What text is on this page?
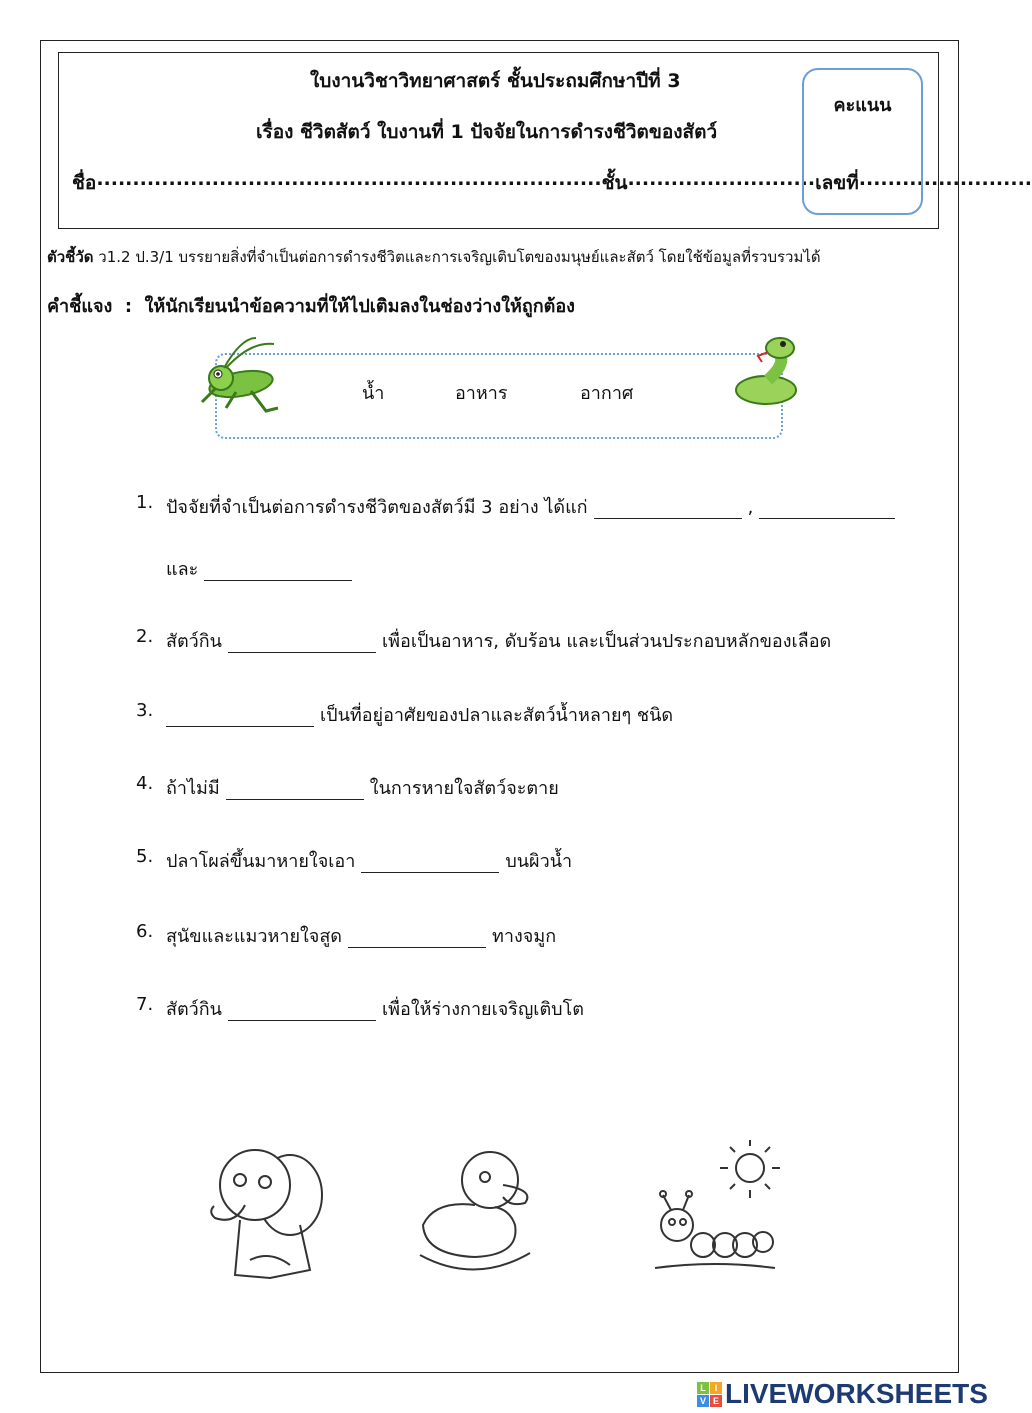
ใบงานวิชาวิทยาศาสตร์ ชั้นประถมศึกษาปีที่ 3
เรื่อง ชีวิตสัตว์ ใบงานที่ 1 ปัจจัยในการดำรงชีวิตของสัตว์
ชื่อ ...................................................................... ชั้น .......................... เลขที่ ........................
คะแนน
ตัวชี้วัด ว1.2 ป.3/1 บรรยายสิ่งที่จำเป็นต่อการดำรงชีวิตและการเจริญเติบโตของมนุษย์และสัตว์ โดยใช้ข้อมูลที่รวบรวมได้
คำชี้แจง  :  ให้นักเรียนนำข้อความที่ให้ไปเติมลงในช่องว่างให้ถูกต้อง
น้ำ	อาหาร	อากาศ
1. ปัจจัยที่จำเป็นต่อการดำรงชีวิตของสัตว์มี 3 อย่าง ได้แก่	,
และ
2. สัตว์กิน	เพื่อเป็นอาหาร, ดับร้อน และเป็นส่วนประกอบหลักของเลือด
3.	เป็นที่อยู่อาศัยของปลาและสัตว์น้ำหลายๆ ชนิด
4. ถ้าไม่มี	ในการหายใจสัตว์จะตาย
5. ปลาโผล่ขึ้นมาหายใจเอา	บนผิวน้ำ
6. สุนัขและแมวหายใจสูด	ทางจมูก
7. สัตว์กิน	เพื่อให้ร่างกายเจริญเติบโต
L I
V E LIVEWORKSHEETS
